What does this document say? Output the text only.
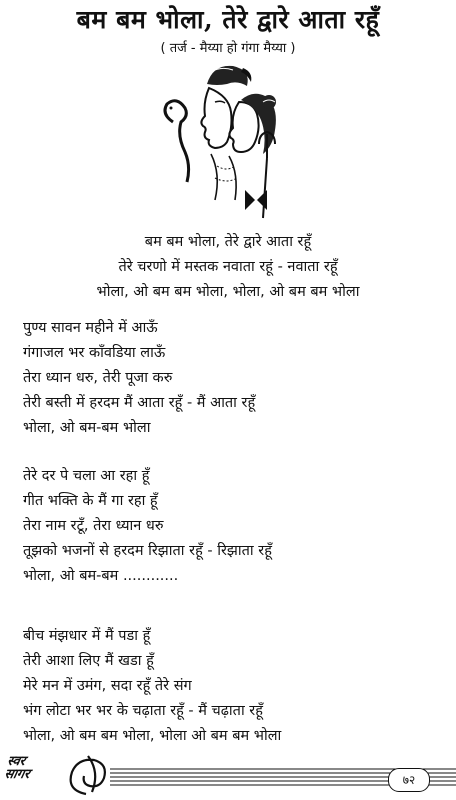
बम बम भोला, तेरे द्वारे आता रहूँ
( तर्ज - मैय्या हो गंगा मैय्या )
बम बम भोला, तेरे द्वारे आता रहूँ
तेरे चरणो में मस्तक नवाता रहूं - नवाता रहूँ
भोला, ओ बम बम भोला, भोला, ओ बम बम भोला
पुण्य सावन महीने में आऊँ
गंगाजल भर काँवडिया लाऊँ
तेरा ध्यान धरु, तेरी पूजा करु
तेरी बस्ती में हरदम मैं आता रहूँ - मैं आता रहूँ
भोला, ओ बम-बम भोला
तेरे दर पे चला आ रहा हूँ
गीत भक्ति के मैं गा रहा हूँ
तेरा नाम रटूँ, तेरा ध्यान धरु
तूझको भजनों से हरदम रिझाता रहूँ - रिझाता रहूँ
भोला, ओ बम-बम ............
बीच मंझधार में मैं पडा हूँ
तेरी आशा लिए मैं खडा हूँ
मेरे मन में उमंग, सदा रहूँ तेरे संग
भंग लोटा भर भर के चढ़ाता रहूँ - मैं चढ़ाता रहूँ
भोला, ओ बम बम भोला, भोला ओ बम बम भोला
स्वर
सागर	७२
